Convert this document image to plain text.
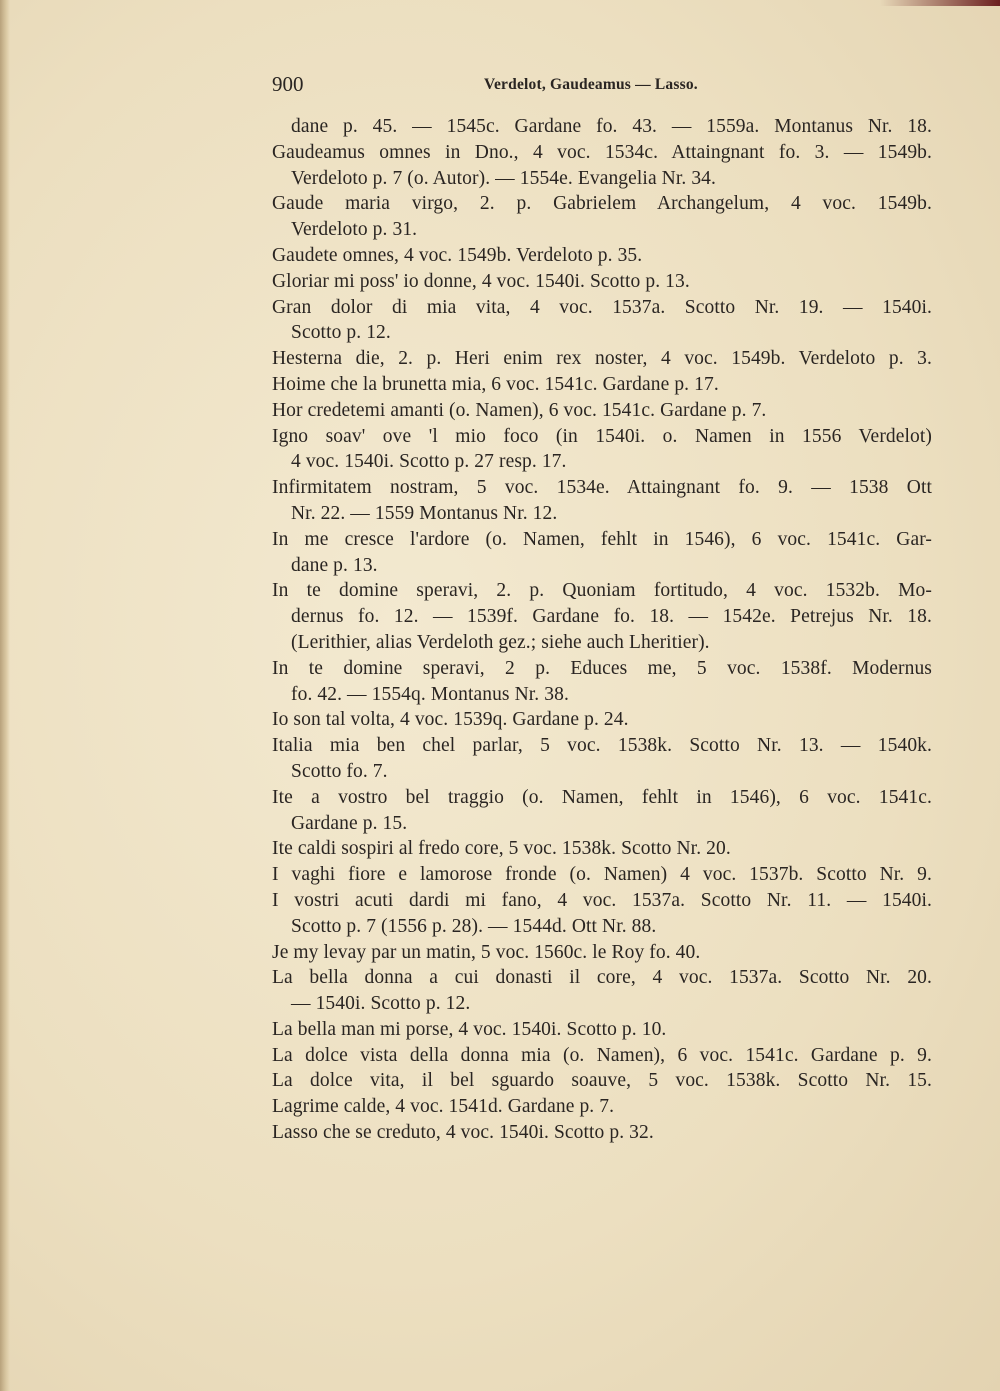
900	Verdelot, Gaudeamus — Lasso.
dane p. 45. — 1545c. Gardane fo. 43. — 1559a. Montanus Nr. 18.
Gaudeamus omnes in Dno., 4 voc. 1534c. Attaingnant fo. 3. — 1549b.
Verdeloto p. 7 (o. Autor). — 1554e. Evangelia Nr. 34.
Gaude maria virgo, 2. p. Gabrielem Archangelum, 4 voc. 1549b.
Verdeloto p. 31.
Gaudete omnes, 4 voc. 1549b. Verdeloto p. 35.
Gloriar mi poss' io donne, 4 voc. 1540i. Scotto p. 13.
Gran dolor di mia vita, 4 voc. 1537a. Scotto Nr. 19. — 1540i.
Scotto p. 12.
Hesterna die, 2. p. Heri enim rex noster, 4 voc. 1549b. Verdeloto p. 3.
Hoime che la brunetta mia, 6 voc. 1541c. Gardane p. 17.
Hor credetemi amanti (o. Namen), 6 voc. 1541c. Gardane p. 7.
Igno soav' ove 'l mio foco (in 1540i. o. Namen in 1556 Verdelot)
4 voc. 1540i. Scotto p. 27 resp. 17.
Infirmitatem nostram, 5 voc. 1534e. Attaingnant fo. 9. — 1538 Ott
Nr. 22. — 1559 Montanus Nr. 12.
In me cresce l'ardore (o. Namen, fehlt in 1546), 6 voc. 1541c. Gar-
dane p. 13.
In te domine speravi, 2. p. Quoniam fortitudo, 4 voc. 1532b. Mo-
dernus fo. 12. — 1539f. Gardane fo. 18. — 1542e. Petrejus Nr. 18.
(Lerithier, alias Verdeloth gez.; siehe auch Lheritier).
In te domine speravi, 2 p. Educes me, 5 voc. 1538f. Modernus
fo. 42. — 1554q. Montanus Nr. 38.
Io son tal volta, 4 voc. 1539q. Gardane p. 24.
Italia mia ben chel parlar, 5 voc. 1538k. Scotto Nr. 13. — 1540k.
Scotto fo. 7.
Ite a vostro bel traggio (o. Namen, fehlt in 1546), 6 voc. 1541c.
Gardane p. 15.
Ite caldi sospiri al fredo core, 5 voc. 1538k. Scotto Nr. 20.
I vaghi fiore e lamorose fronde (o. Namen) 4 voc. 1537b. Scotto Nr. 9.
I vostri acuti dardi mi fano, 4 voc. 1537a. Scotto Nr. 11. — 1540i.
Scotto p. 7 (1556 p. 28). — 1544d. Ott Nr. 88.
Je my levay par un matin, 5 voc. 1560c. le Roy fo. 40.
La bella donna a cui donasti il core, 4 voc. 1537a. Scotto Nr. 20.
— 1540i. Scotto p. 12.
La bella man mi porse, 4 voc. 1540i. Scotto p. 10.
La dolce vista della donna mia (o. Namen), 6 voc. 1541c. Gardane p. 9.
La dolce vita, il bel sguardo soauve, 5 voc. 1538k. Scotto Nr. 15.
Lagrime calde, 4 voc. 1541d. Gardane p. 7.
Lasso che se creduto, 4 voc. 1540i. Scotto p. 32.
